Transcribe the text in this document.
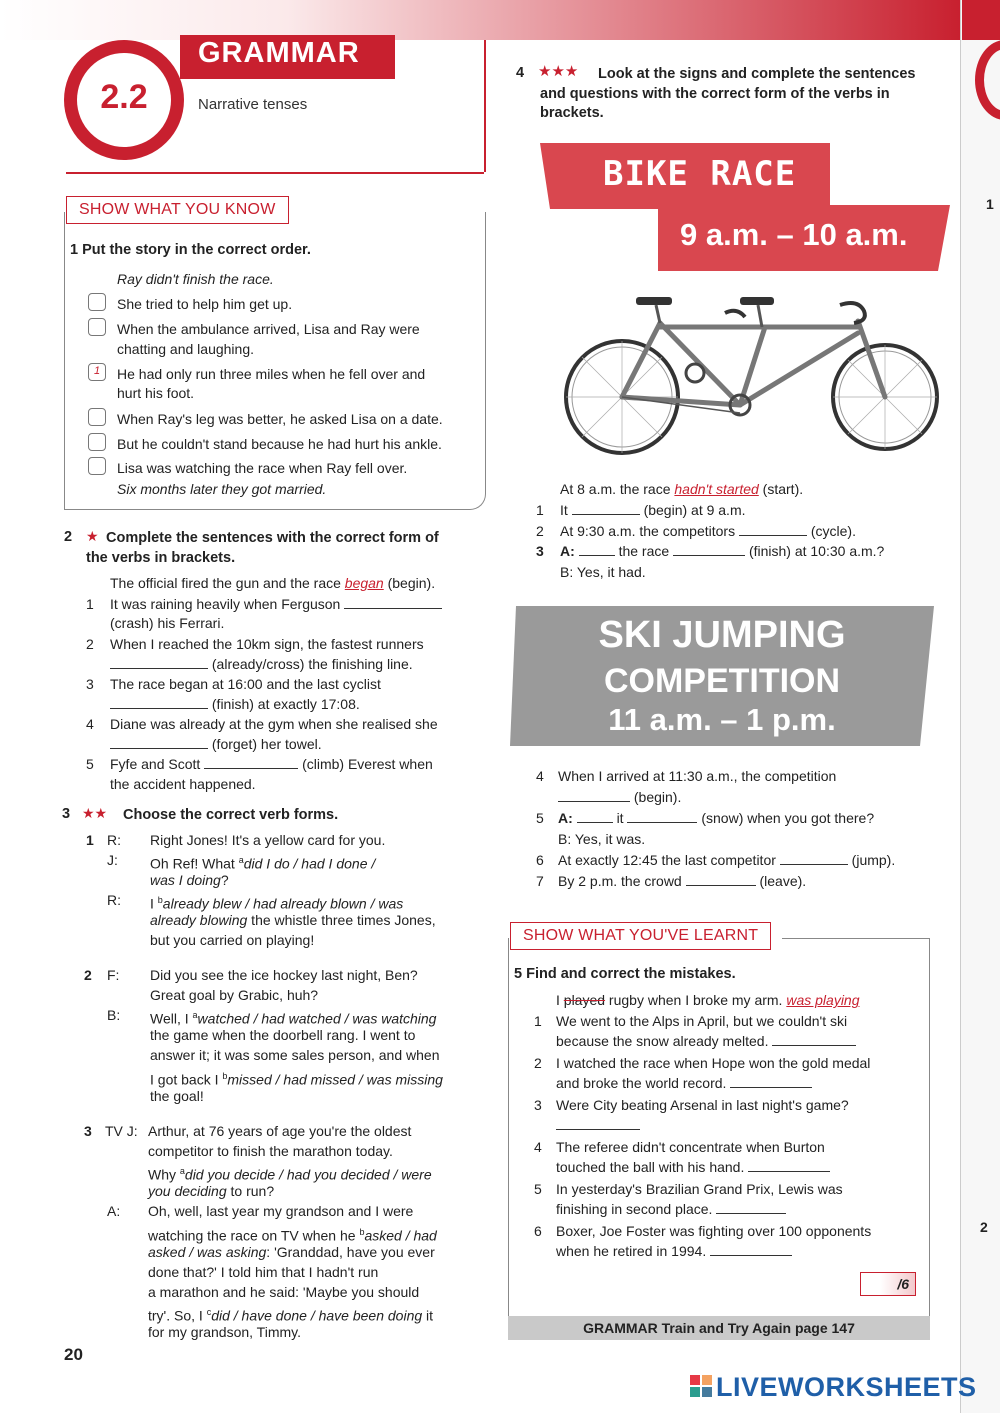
GRAMMAR
2.2	Narrative tenses
SHOW WHAT YOU KNOW
1 Put the story in the correct order.
Ray didn't finish the race.
She tried to help him get up.
When the ambulance arrived, Lisa and Ray were
chatting and laughing.
1	He had only run three miles when he fell over and
hurt his foot.
When Ray's leg was better, he asked Lisa on a date.
But he couldn't stand because he had hurt his ankle.
Lisa was watching the race when Ray fell over.
Six months later they got married.
2 ★ Complete the sentences with the correct form of
the verbs in brackets.
The official fired the gun and the race began (begin).
1 It was raining heavily when Ferguson
(crash) his Ferrari.
2 When I reached the 10km sign, the fastest runners
(already/cross) the finishing line.
3 The race began at 16:00 and the last cyclist
(finish) at exactly 17:08.
4 Diane was already at the gym when she realised she
(forget) her towel.
5 Fyfe and Scott	(climb) Everest when
the accident happened.
3 ★★ Choose the correct verb forms.
1 R: Right Jones! It's a yellow card for you.
J: Oh Ref! What $^a$did I do / had I done /
was I doing?
R: I $^b$already blew / had already blown / was
already blowing the whistle three times Jones,
but you carried on playing!
2 F: Did you see the ice hockey last night, Ben?
Great goal by Grabic, huh?
B: Well, I $^a$watched / had watched / was watching
the game when the doorbell rang. I went to
answer it; it was some sales person, and when
I got back I $^b$missed / had missed / was missing
the goal!
3 TV J: Arthur, at 76 years of age you're the oldest
competitor to finish the marathon today.
Why $^a$did you decide / had you decided / were
you deciding to run?
A: Oh, well, last year my grandson and I were
watching the race on TV when he $^b$asked / had
asked / was asking: 'Granddad, have you ever
done that?' I told him that I hadn't run
a marathon and he said: 'Maybe you should
try'. So, I $^c$did / have done / have been doing it
for my grandson, Timmy.
20
4 ★★★ Look at the signs and complete the sentences
and questions with the correct form of the verbs in
brackets.
BIKE RACE
9 a.m. – 10 a.m.
At 8 a.m. the race hadn't started (start).
1 It	(begin) at 9 a.m.
2 At 9:30 a.m. the competitors	(cycle).
3 A:	the race	(finish) at 10:30 a.m.?
B: Yes, it had.
SKI JUMPING
COMPETITION
11 a.m. – 1 p.m.
4 When I arrived at 11:30 a.m., the competition
(begin).
5 A:	it	(snow) when you got there?
B: Yes, it was.
6 At exactly 12:45 the last competitor	(jump).
7 By 2 p.m. the crowd	(leave).
SHOW WHAT YOU'VE LEARNT
5 Find and correct the mistakes.
I played rugby when I broke my arm. was playing
1 We went to the Alps in April, but we couldn't ski
because the snow already melted.
2 I watched the race when Hope won the gold medal
and broke the world record.
3 Were City beating Arsenal in last night's game?
4 The referee didn't concentrate when Burton
touched the ball with his hand.
5 In yesterday's Brazilian Grand Prix, Lewis was
finishing in second place.
6 Boxer, Joe Foster was fighting over 100 opponents
when he retired in 1994.
/6
GRAMMAR Train and Try Again page 147
1
2
LIVEWORKSHEETS
